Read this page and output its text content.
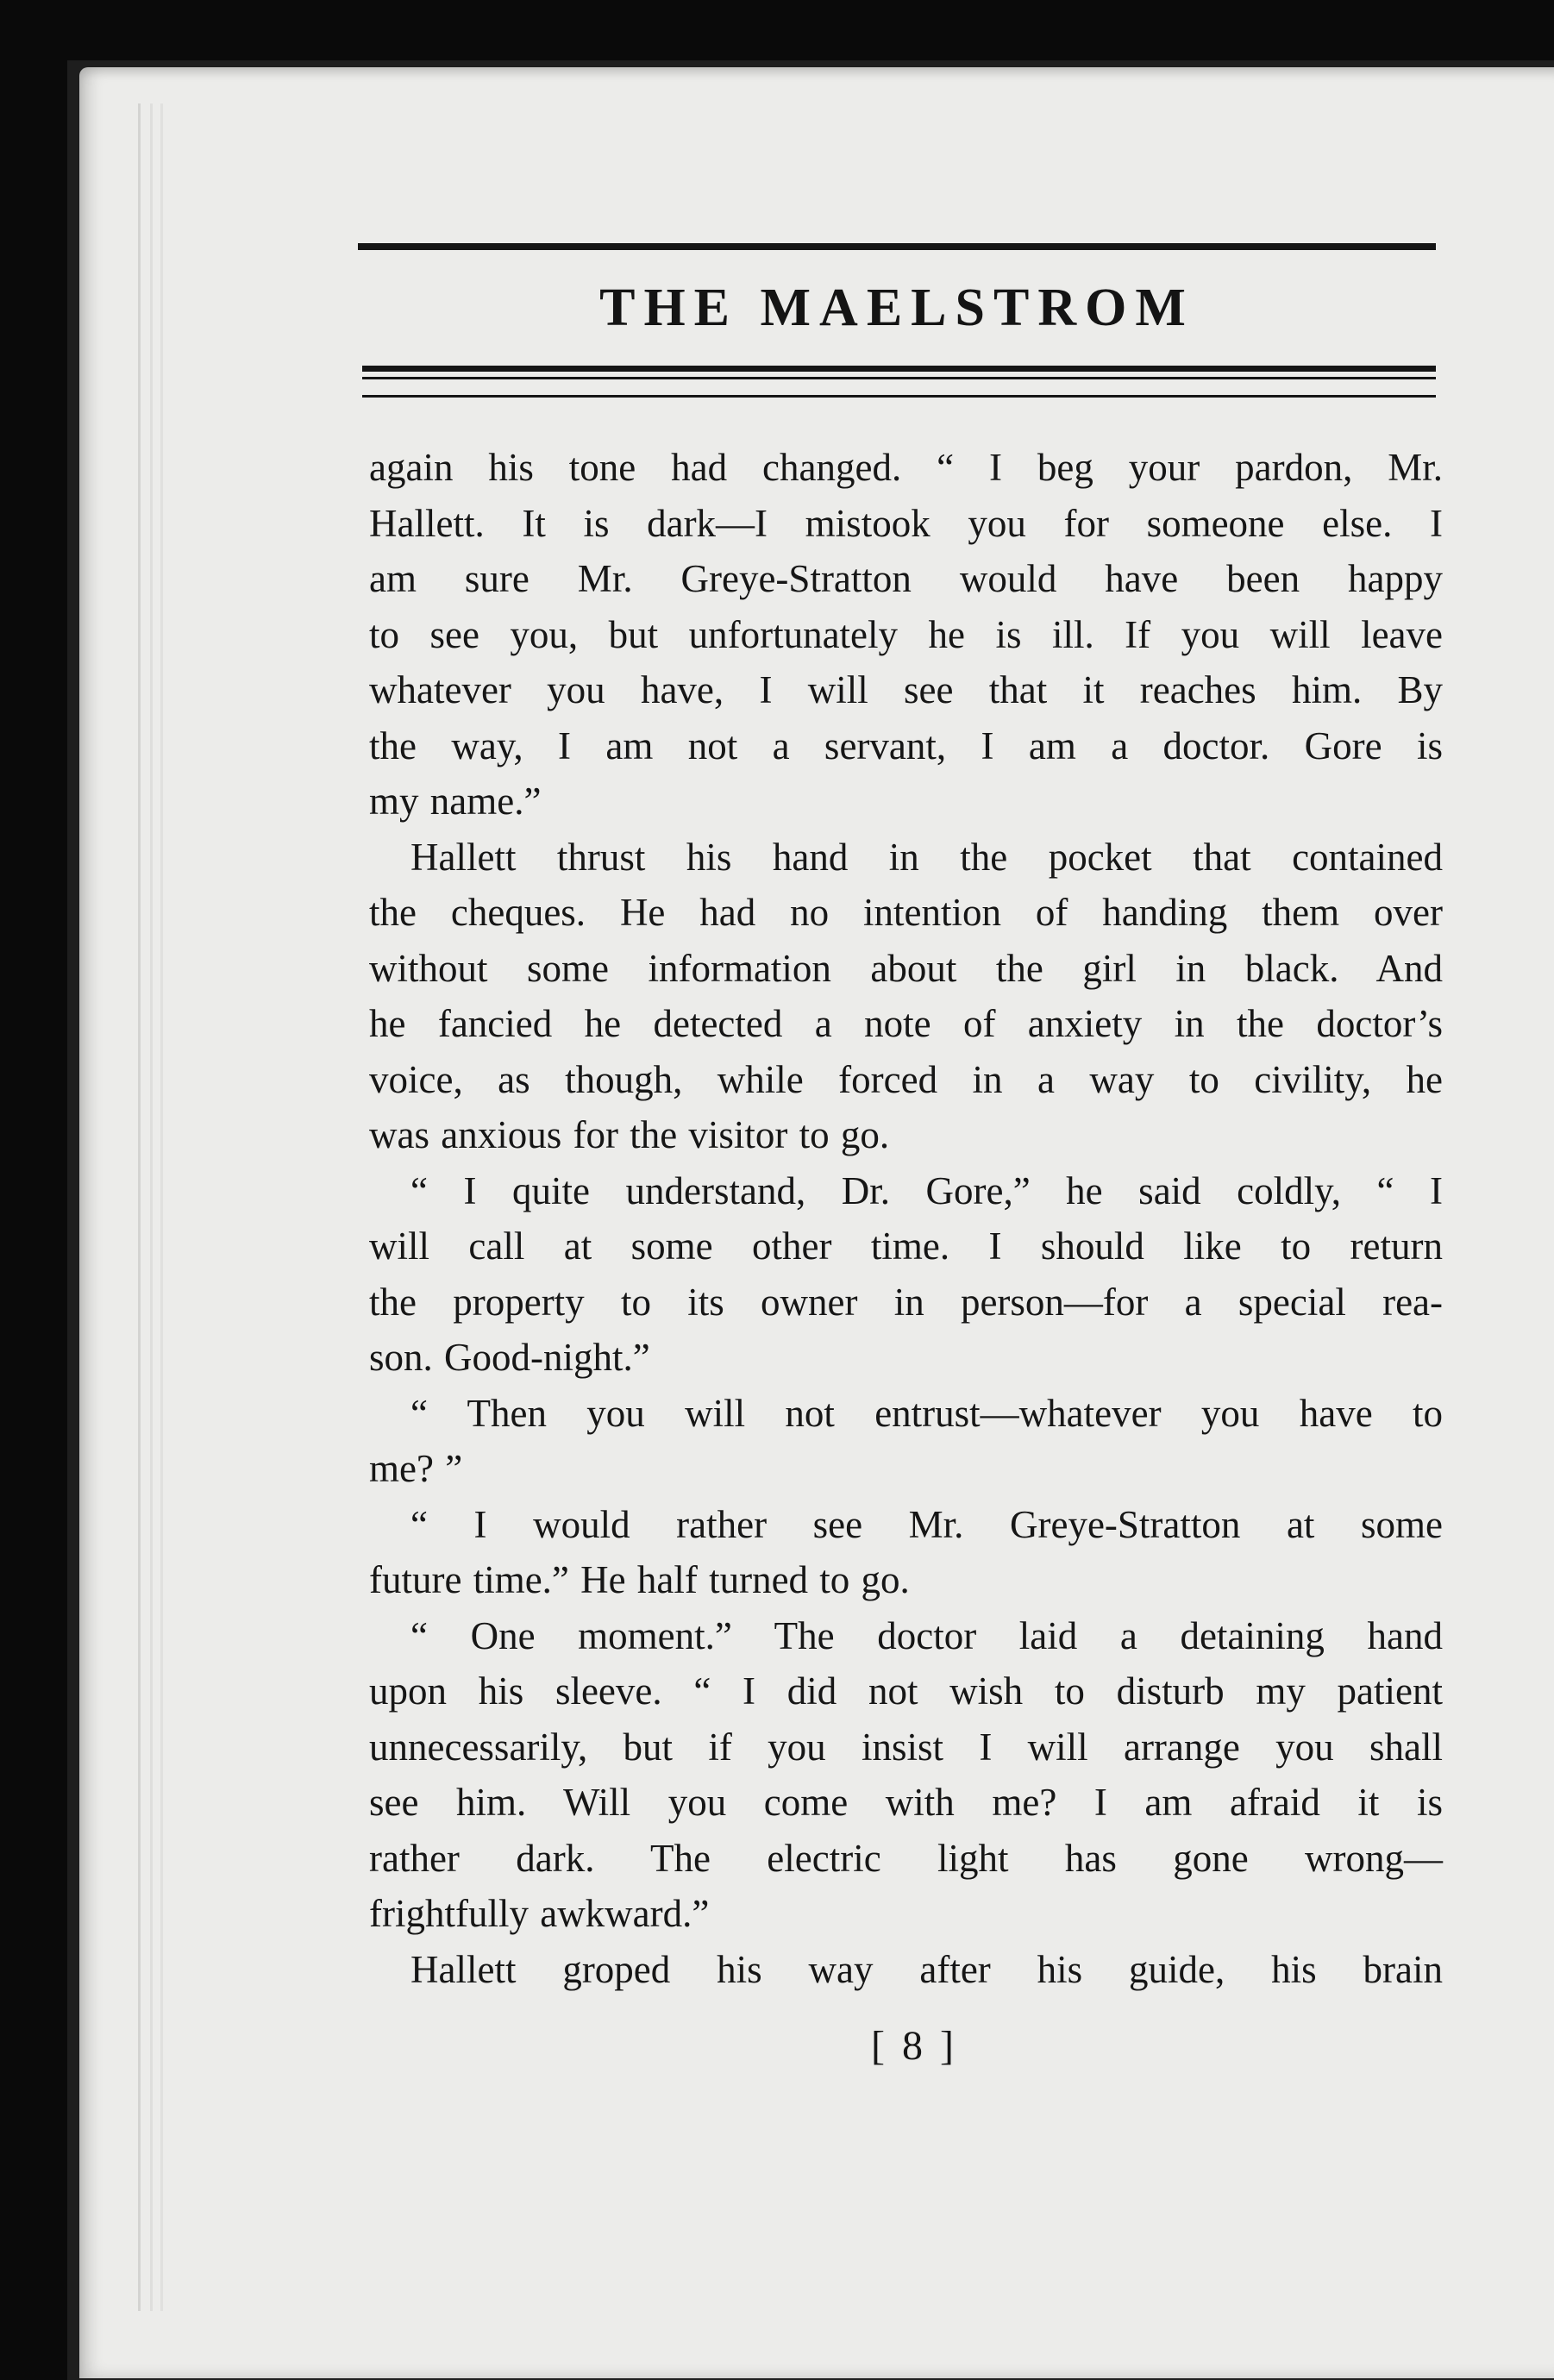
THE MAELSTROM
again his tone had changed. “ I beg your pardon, Mr.
Hallett. It is dark—I mistook you for someone else. I
am sure Mr. Greye-Stratton would have been happy
to see you, but unfortunately he is ill. If you will leave
whatever you have, I will see that it reaches him. By
the way, I am not a servant, I am a doctor. Gore is
my name.”
Hallett thrust his hand in the pocket that contained
the cheques. He had no intention of handing them over
without some information about the girl in black. And
he fancied he detected a note of anxiety in the doctor’s
voice, as though, while forced in a way to civility, he
was anxious for the visitor to go.
“ I quite understand, Dr. Gore,” he said coldly, “ I
will call at some other time. I should like to return
the property to its owner in person—for a special rea-
son. Good-night.”
“ Then you will not entrust—whatever you have to
me? ”
“ I would rather see Mr. Greye-Stratton at some
future time.” He half turned to go.
“ One moment.” The doctor laid a detaining hand
upon his sleeve. “ I did not wish to disturb my patient
unnecessarily, but if you insist I will arrange you shall
see him. Will you come with me? I am afraid it is
rather dark. The electric light has gone wrong—
frightfully awkward.”
Hallett groped his way after his guide, his brain
[ 8 ]
